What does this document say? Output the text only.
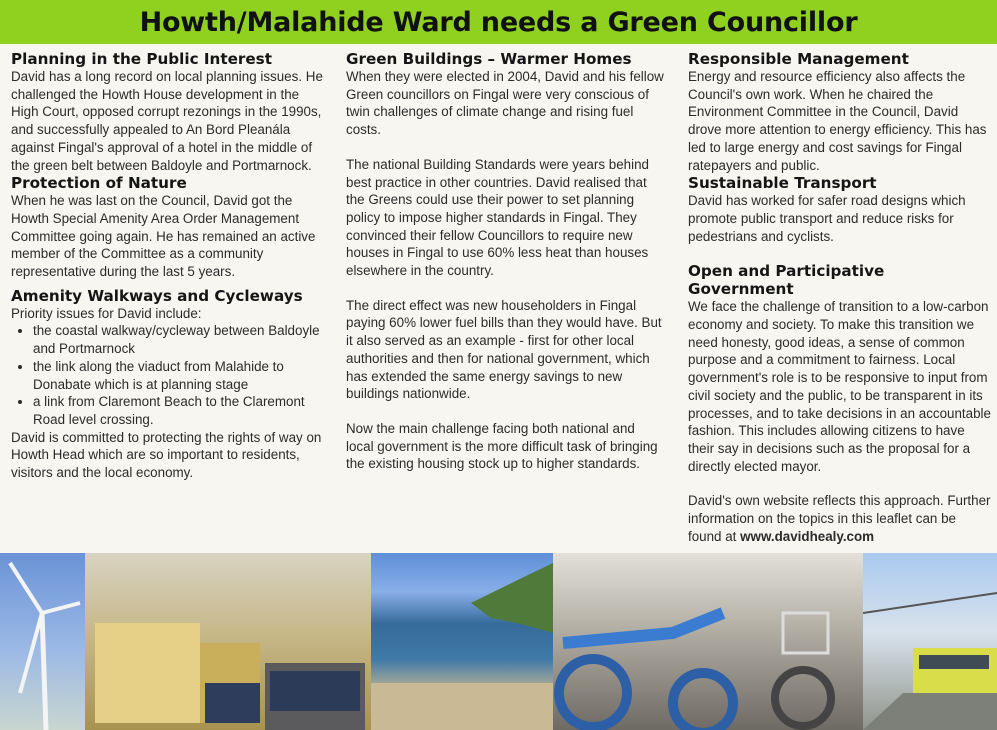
Howth/Malahide Ward needs a Green Councillor
Planning in the Public Interest

David has a long record on local planning issues. He challenged the Howth House development in the High Court, opposed corrupt rezonings in the 1990s, and successfully appealed to An Bord Pleanála against Fingal's approval of a hotel in the middle of the green belt between Baldoyle and Portmarnock.

Protection of Nature

When he was last on the Council, David got the Howth Special Amenity Area Order Management Committee going again. He has remained an active member of the Committee as a community representative during the last 5 years.

Amenity Walkways and Cycleways

Priority issues for David include:

• the coastal walkway/cycleway between Baldoyle and Portmarnock
• the link along the viaduct from Malahide to Donabate which is at planning stage
• a link from Claremont Beach to the Claremont Road level crossing.

David is committed to protecting the rights of way on Howth Head which are so important to residents, visitors and the local economy.

Green Buildings – Warmer Homes

When they were elected in 2004, David and his fellow Green councillors on Fingal were very conscious of twin challenges of climate change and rising fuel costs.

The national Building Standards were years behind best practice in other countries. David realised that the Greens could use their power to set planning policy to impose higher standards in Fingal. They convinced their fellow Councillors to require new houses in Fingal to use 60% less heat than houses elsewhere in the country.

The direct effect was new householders in Fingal paying 60% lower fuel bills than they would have. But it also served as an example - first for other local authorities and then for national government, which has extended the same energy savings to new buildings nationwide.

Now the main challenge facing both national and local government is the more difficult task of bringing the existing housing stock up to higher standards.

Responsible Management

Energy and resource efficiency also affects the Council's own work. When he chaired the Environment Committee in the Council, David drove more attention to energy efficiency. This has led to large energy and cost savings for Fingal ratepayers and public.

Sustainable Transport

David has worked for safer road designs which promote public transport and reduce risks for pedestrians and cyclists.

Open and Participative Government

We face the challenge of transition to a low-carbon economy and society. To make this transition we need honesty, good ideas, a sense of common purpose and a commitment to fairness. Local government's role is to be responsive to input from civil society and the public, to be transparent in its processes, and to take decisions in an accountable fashion. This includes allowing citizens to have their say in decisions such as the proposal for a directly elected mayor.

David's own website reflects this approach. Further information on the topics in this leaflet can be found at www.davidhealy.com
